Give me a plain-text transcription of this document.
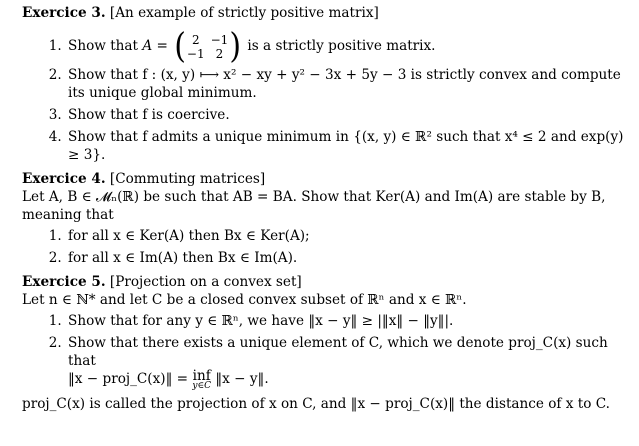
Exercice 3. [An example of strictly positive matrix]

1. Show that A = ( 2 −1
−1 2 ) is a strictly positive matrix.
2. Show that f : (x, y) ⟼ x² − xy + y² − 3x + 5y − 3 is strictly convex and compute its unique global minimum.
3. Show that f is coercive.
4. Show that f admits a unique minimum in {(x, y) ∈ ℝ² such that x⁴ ≤ 2 and exp(y) ≥ 3}.

Exercice 4. [Commuting matrices]

Let A, B ∈ 𝓜ₙ(ℝ) be such that AB = BA. Show that Ker(A) and Im(A) are stable by B, meaning that

1. for all x ∈ Ker(A) then Bx ∈ Ker(A);
2. for all x ∈ Im(A) then Bx ∈ Im(A).

Exercice 5. [Projection on a convex set]

Let n ∈ ℕ* and let C be a closed convex subset of ℝⁿ and x ∈ ℝⁿ.

1. Show that for any y ∈ ℝⁿ, we have ‖x − y‖ ≥ |‖x‖ − ‖y‖|.
2. Show that there exists a unique element of C, which we denote proj_C(x) such that
‖x − proj_C(x)‖ = inf
y∈C ‖x − y‖.

proj_C(x) is called the projection of x on C, and ‖x − proj_C(x)‖ the distance of x to C.
